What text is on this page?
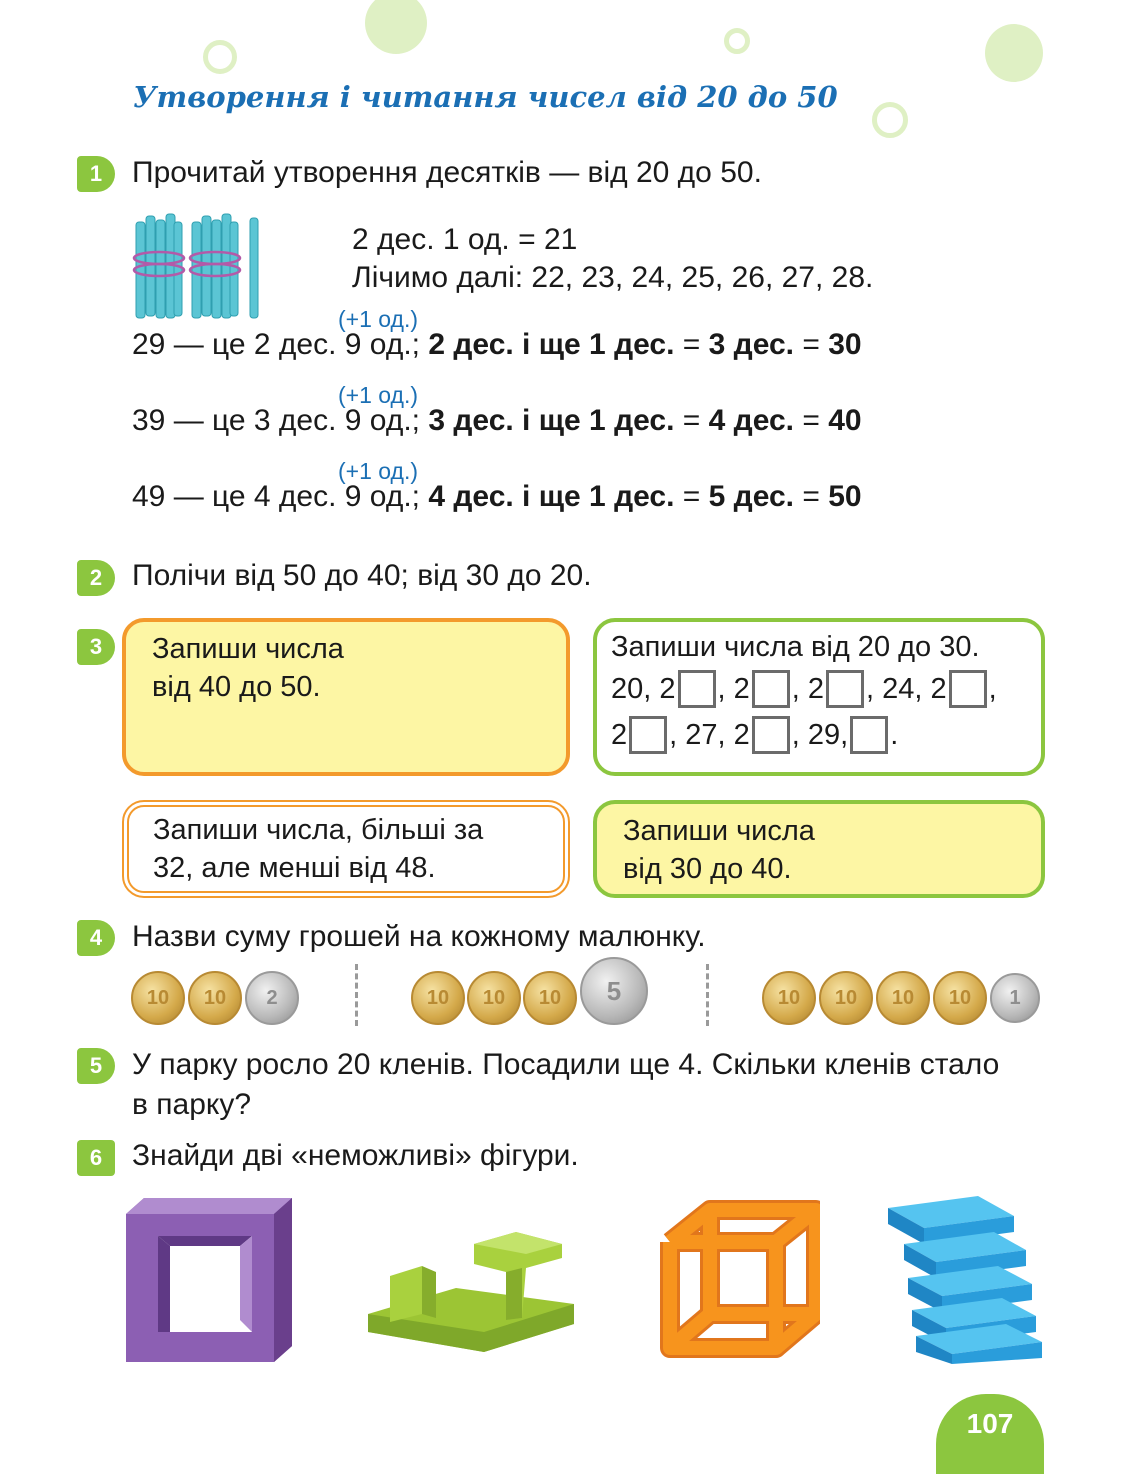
Утворення і читання чисел від 20 до 50
1 Прочитай утворення десятків — від 20 до 50.
2 дес. 1 од. = 21
Лічимо далі: 22, 23, 24, 25, 26, 27, 28.
(+1 од.)
29 — це 2 дес. 9 од.; 2 дес. і ще 1 дес. = 3 дес. = 30
(+1 од.)
39 — це 3 дес. 9 од.; 3 дес. і ще 1 дес. = 4 дес. = 40
(+1 од.)
49 — це 4 дес. 9 од.; 4 дес. і ще 1 дес. = 5 дес. = 50
2 Полічи від 50 до 40; від 30 до 20.
3	Запиши числа
від 40 до 50.
Запиши числа від 20 до 30.
20, 2 , 2 , 2 , 24, 2 ,
2 , 27, 2 , 29, .
Запиши числа, більші за
32, але менші від 48.
Запиши числа
від 30 до 40.
4 Назви суму грошей на кожному малюнку.
10	10	2	10	10	10	5	10	10	10	10	1
5 У парку росло 20 кленів. Посадили ще 4. Скільки кленів стало
в парку?
6 Знайди дві «неможливі» фігури.
107
